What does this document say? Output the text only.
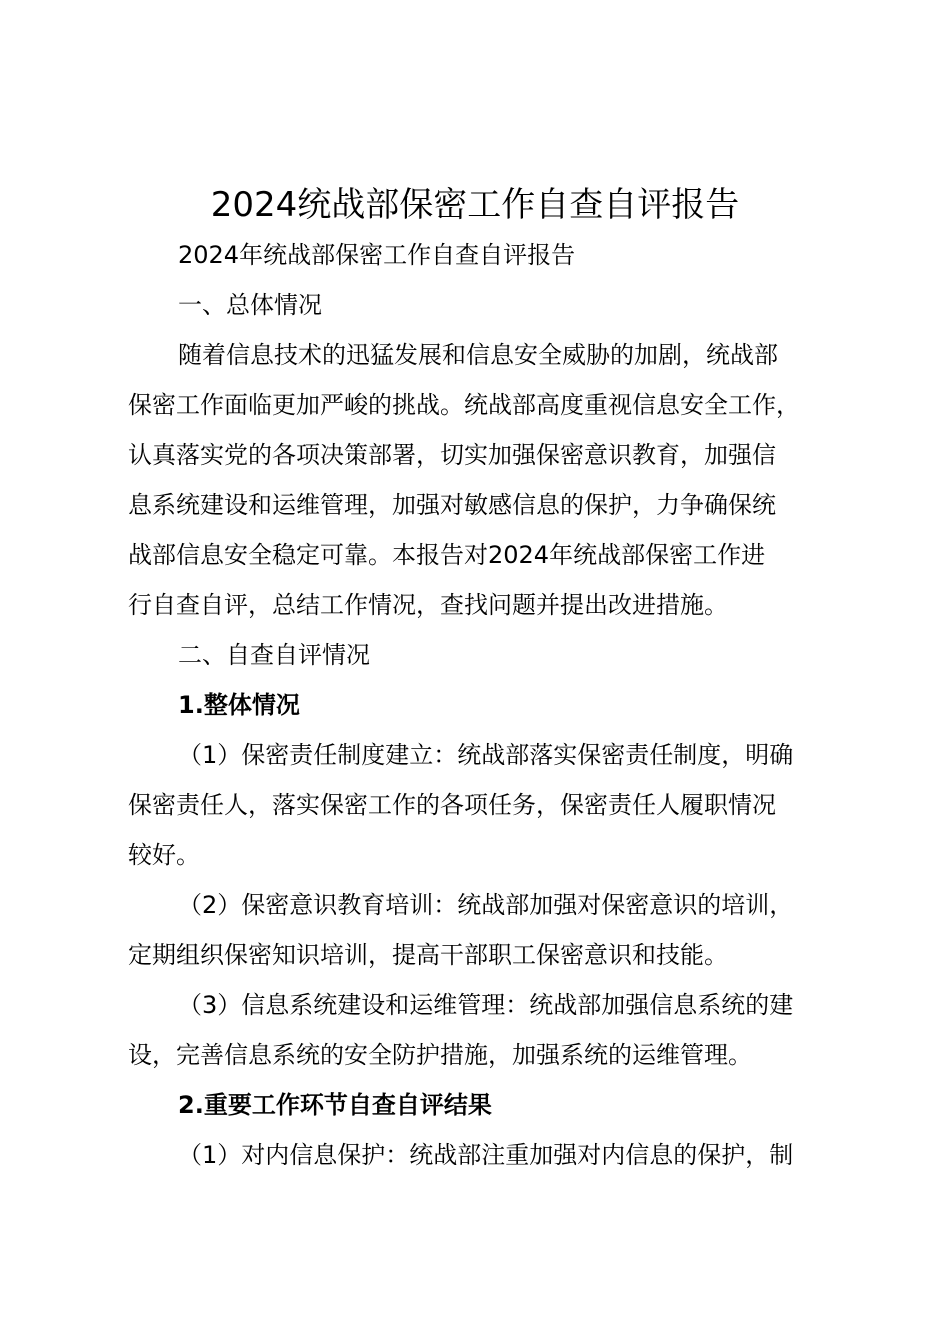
2024统战部保密工作自查自评报告
2024年统战部保密工作自查自评报告
一、总体情况
随着信息技术的迅猛发展和信息安全威胁的加剧，统战部
保密工作面临更加严峻的挑战。统战部高度重视信息安全工作，
认真落实党的各项决策部署，切实加强保密意识教育，加强信
息系统建设和运维管理，加强对敏感信息的保护，力争确保统
战部信息安全稳定可靠。本报告对2024年统战部保密工作进
行自查自评，总结工作情况，查找问题并提出改进措施。
二、自查自评情况
1.整体情况
（1）保密责任制度建立：统战部落实保密责任制度，明确
保密责任人，落实保密工作的各项任务，保密责任人履职情况
较好。
（2）保密意识教育培训：统战部加强对保密意识的培训，
定期组织保密知识培训，提高干部职工保密意识和技能。
（3）信息系统建设和运维管理：统战部加强信息系统的建
设，完善信息系统的安全防护措施，加强系统的运维管理。
2.重要工作环节自查自评结果
（1）对内信息保护：统战部注重加强对内信息的保护，制
